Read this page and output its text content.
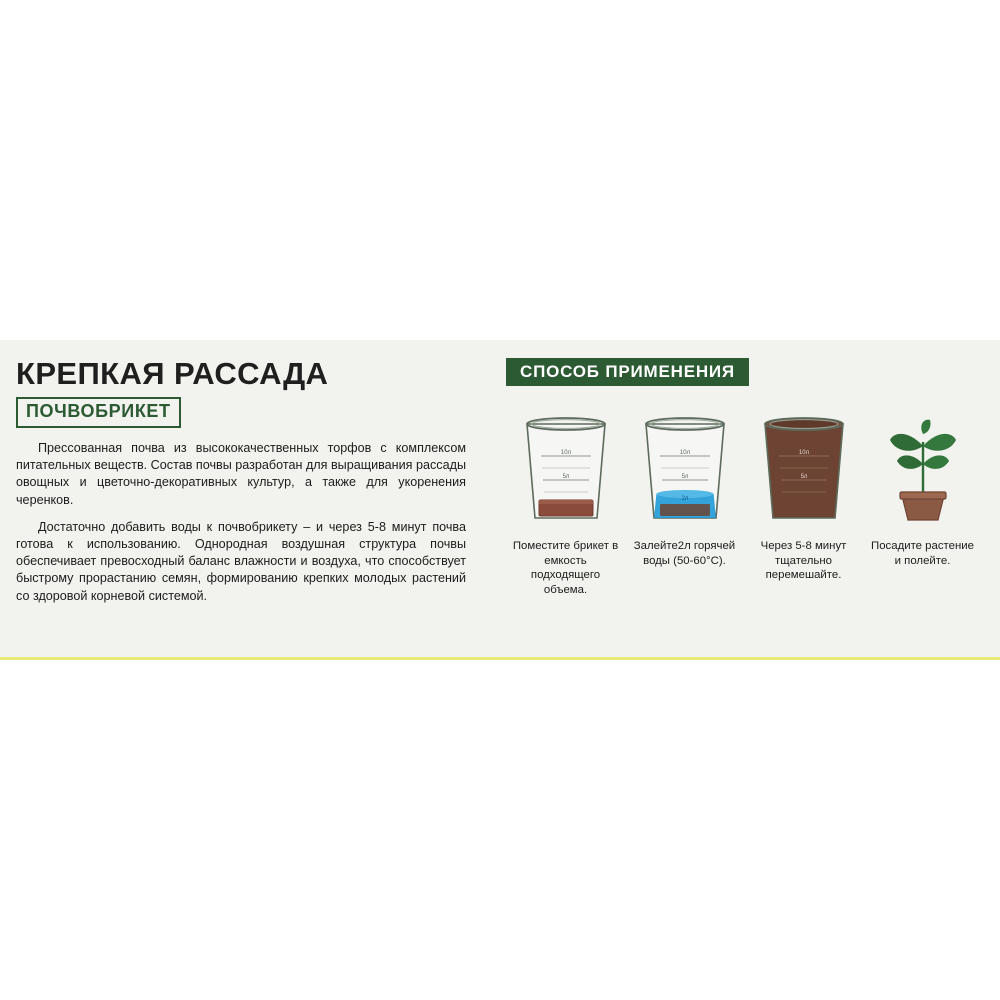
КРЕПКАЯ РАССАДА
ПОЧВОБРИКЕТ

Прессованная почва из высококачественных торфов с комплексом питательных веществ. Состав почвы разработан для выращивания рассады овощных и цветочно-декоративных культур, а также для укоренения черенков.

Достаточно добавить воды к почвобрикету – и через 5-8 минут почва готова к использованию. Однородная воздушная структура почвы обеспечивает превосходный баланс влажности и воздуха, что способствует быстрому прорастанию семян, формированию крепких молодых растений со здоровой корневой системой.

СПОСОБ ПРИМЕНЕНИЯ
10л
5л
Поместите брикет в емкость подходящего объема.
10л
5л
2л
Залейте2л горячей воды (50-60°С).
10л
5л
Через 5-8 минут тщательно перемешайте.
Посадите растение и полейте.
